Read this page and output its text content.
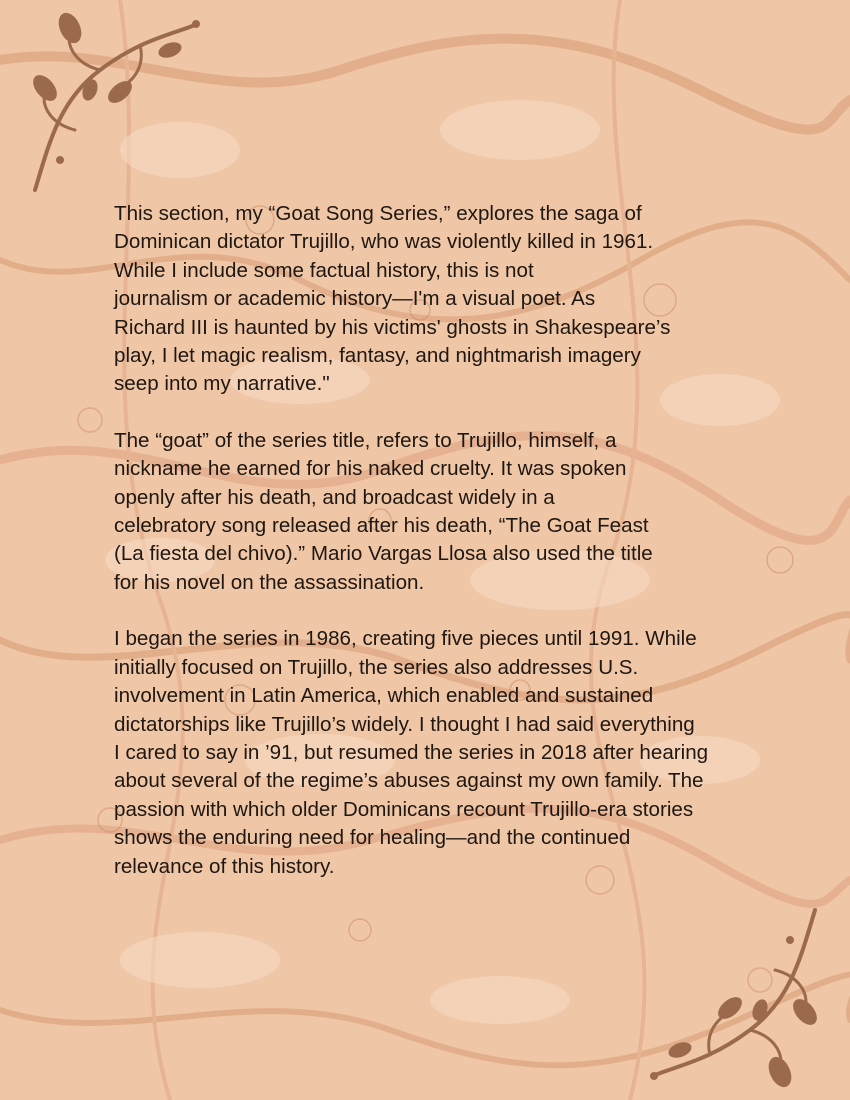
This section, my “Goat Song Series,” explores the saga of
Dominican dictator Trujillo, who was violently killed in 1961.
While I include some factual history, this is not
journalism or academic history—I'm a visual poet. As
Richard III is haunted by his victims' ghosts in Shakespeare’s
play, I let magic realism, fantasy, and nightmarish imagery
seep into my narrative."

The “goat” of the series title, refers to Trujillo, himself, a
nickname he earned for his naked cruelty. It was spoken
openly after his death, and broadcast widely in a
celebratory song released after his death, “The Goat Feast
(La fiesta del chivo).” Mario Vargas Llosa also used the title
for his novel on the assassination.

I began the series in 1986, creating five pieces until 1991. While
initially focused on Trujillo, the series also addresses U.S.
involvement in Latin America, which enabled and sustained
dictatorships like Trujillo’s widely. I thought I had said everything
I cared to say in ’91, but resumed the series in 2018 after hearing
about several of the regime’s abuses against my own family. The
passion with which older Dominicans recount Trujillo-era stories
shows the enduring need for healing—and the continued
relevance of this history.
